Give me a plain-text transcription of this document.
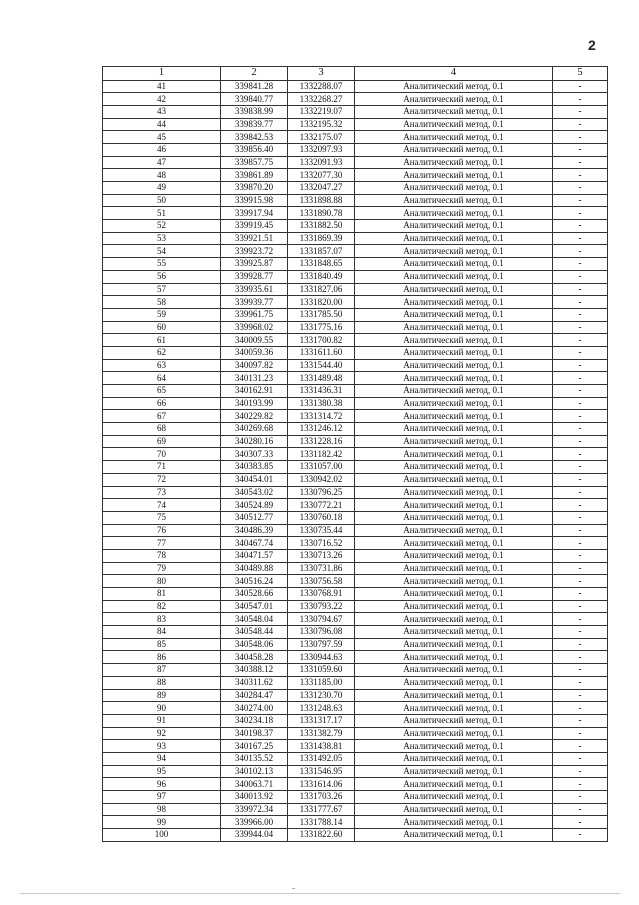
2
1	2	3	4	5
41	339841.28	1332288.07	Аналитический метод, 0.1	-
42	339840.77	1332268.27	Аналитический метод, 0.1	-
43	339838.99	1332219.07	Аналитический метод, 0.1	-
44	339839.77	1332195.32	Аналитический метод, 0.1	-
45	339842.53	1332175.07	Аналитический метод, 0.1	-
46	339856.40	1332097.93	Аналитический метод, 0.1	-
47	339857.75	1332091.93	Аналитический метод, 0.1	-
48	339861.89	1332077.30	Аналитический метод, 0.1	-
49	339870.20	1332047.27	Аналитический метод, 0.1	-
50	339915.98	1331898.88	Аналитический метод, 0.1	-
51	339917.94	1331890.78	Аналитический метод, 0.1	-
52	339919.45	1331882.50	Аналитический метод, 0.1	-
53	339921.51	1331869.39	Аналитический метод, 0.1	-
54	339923.72	1331857.07	Аналитический метод, 0.1	-
55	339925.87	1331848.65	Аналитический метод, 0.1	-
56	339928.77	1331840.49	Аналитический метод, 0.1	-
57	339935.61	1331827.06	Аналитический метод, 0.1	-
58	339939.77	1331820.00	Аналитический метод, 0.1	-
59	339961.75	1331785.50	Аналитический метод, 0.1	-
60	339968.02	1331775.16	Аналитический метод, 0.1	-
61	340009.55	1331700.82	Аналитический метод, 0.1	-
62	340059.36	1331611.60	Аналитический метод, 0.1	-
63	340097.82	1331544.40	Аналитический метод, 0.1	-
64	340131.23	1331489.48	Аналитический метод, 0.1	-
65	340162.91	1331436.31	Аналитический метод, 0.1	-
66	340193.99	1331380.38	Аналитический метод, 0.1	-
67	340229.82	1331314.72	Аналитический метод, 0.1	-
68	340269.68	1331246.12	Аналитический метод, 0.1	-
69	340280.16	1331228.16	Аналитический метод, 0.1	-
70	340307.33	1331182.42	Аналитический метод, 0.1	-
71	340383.85	1331057.00	Аналитический метод, 0.1	-
72	340454.01	1330942.02	Аналитический метод, 0.1	-
73	340543.02	1330796.25	Аналитический метод, 0.1	-
74	340524.89	1330772.21	Аналитический метод, 0.1	-
75	340512.77	1330760.18	Аналитический метод, 0.1	-
76	340486.39	1330735.44	Аналитический метод, 0.1	-
77	340467.74	1330716.52	Аналитический метод, 0.1	-
78	340471.57	1330713.26	Аналитический метод, 0.1	-
79	340489.88	1330731.86	Аналитический метод, 0.1	-
80	340516.24	1330756.58	Аналитический метод, 0.1	-
81	340528.66	1330768.91	Аналитический метод, 0.1	-
82	340547.01	1330793.22	Аналитический метод, 0.1	-
83	340548.04	1330794.67	Аналитический метод, 0.1	-
84	340548.44	1330796.08	Аналитический метод, 0.1	-
85	340548.06	1330797.59	Аналитический метод, 0.1	-
86	340458.28	1330944.63	Аналитический метод, 0.1	-
87	340388.12	1331059.60	Аналитический метод, 0.1	-
88	340311.62	1331185.00	Аналитический метод, 0.1	-
89	340284.47	1331230.70	Аналитический метод, 0.1	-
90	340274.00	1331248.63	Аналитический метод, 0.1	-
91	340234.18	1331317.17	Аналитический метод, 0.1	-
92	340198.37	1331382.79	Аналитический метод, 0.1	-
93	340167.25	1331438.81	Аналитический метод, 0.1	-
94	340135.52	1331492.05	Аналитический метод, 0.1	-
95	340102.13	1331546.95	Аналитический метод, 0.1	-
96	340063.71	1331614.06	Аналитический метод, 0.1	-
97	340013.92	1331703.26	Аналитический метод, 0.1	-
98	339972.34	1331777.67	Аналитический метод, 0.1	-
99	339966.00	1331788.14	Аналитический метод, 0.1	-
100	339944.04	1331822.60	Аналитический метод, 0.1	-
